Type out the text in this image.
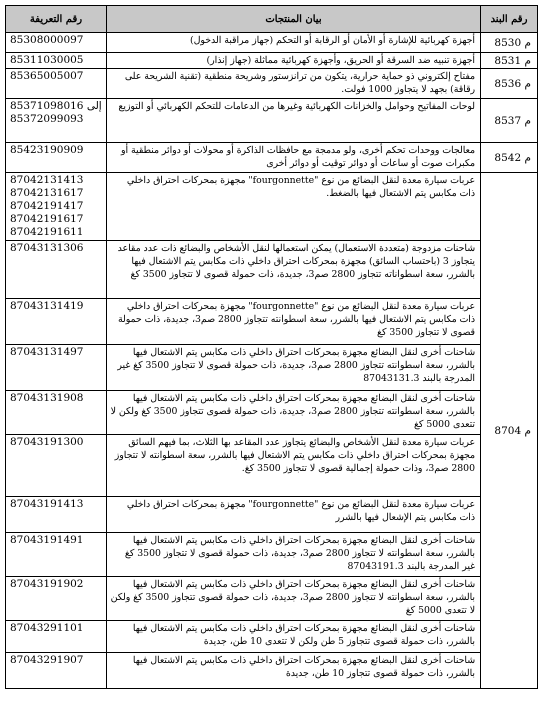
رقم التعريفة	بيان المنتجات	رقم البند

85308000097	أجهزة كهربائية للإشارة أو الأمان أو الرقابة أو التحكم (جهاز مراقبة الدخول)	م 8530

85311030005	أجهزة تنبيه ضد السرقة أو الحريق، وأجهزة كهربائية مماثلة (جهاز إنذار)	م 8531

85365005007	مفتاح إلكتروني ذو حماية حرارية، يتكون من ترانزستور وشريحة منطقية (تقنية الشريحة على رقاقة) بجهد لا يتجاوز 1000 فولت.	م 8536

85371098016 إلى
85372099093	لوحات المفاتيح وحوامل والخزانات الكهربائية وغيرها من الدعامات للتحكم الكهربائي أو التوزيع	م 8537

85423190909	معالجات ووحدات تحكم أخرى، ولو مدمجة مع حافظات الذاكرة أو محولات أو دوائر منطقية أو مكبرات صوت أو ساعات أو دوائر توقيت أو دوائر أخرى	م 8542

87042131413
87042131617
87042191417
87042191617
87042191611	عربات سيارة معدة لنقل البضائع من نوع "fourgonnette" مجهزة بمحركات احتراق داخلي ذات مكابس يتم الاشتعال فيها بالضغط.	م 8704

87043131306	شاحنات مزدوجة (متعددة الاستعمال) يمكن استعمالها لنقل الأشخاص والبضائع ذات عدد مقاعد يتجاوز 3 (باحتساب السائق) مجهزة بمحركات احتراق داخلي ذات مكابس يتم الاشتعال فيها بالشرر، سعة اسطواناته تتجاوز 2800 صم3، جديدة، ذات حمولة قصوى لا تتجاوز 3500 كغ	

87043131419	عربات سيارة معدة لنقل البضائع من نوع "fourgonnette" مجهزة بمحركات احتراق داخلي ذات مكابس يتم الاشتعال فيها بالشرر، سعة اسطوانته تتجاوز 2800 صم3، جديدة، ذات حمولة قصوى لا تتجاوز 3500 كغ	

87043131497	شاحنات أخرى لنقل البضائع مجهزة بمحركات احتراق داخلي ذات مكابس يتم الاشتعال فيها بالشرر، سعة اسطوانته تتجاوز 2800 صم3، جديدة، ذات حمولة قصوى لا تتجاوز 3500 كغ غير المدرجة بالبند 87043131.3	

87043131908	شاحنات أخرى لنقل البضائع مجهزة بمحركات احتراق داخلي ذات مكابس يتم الاشتعال فيها بالشرر، سعة اسطوانته تتجاوز 2800 صم3، جديدة، ذات حمولة قصوى تتجاوز 3500 كغ ولكن لا تتعدى 5000 كغ	

87043191300	عربات سيارة معدة لنقل الأشخاص والبضائع يتجاوز عدد المقاعد بها الثلاث، بما فيهم السائق مجهزة بمحركات احتراق داخلي ذات مكابس يتم الاشتعال فيها بالشرر، سعة اسطوانته لا تتجاوز 2800 صم3، وذات حمولة إجمالية قصوى لا تتجاوز 3500 كغ.	

87043191413	عربات سيارة معدة لنقل البضائع من نوع "fourgonnette" مجهزة بمحركات احتراق داخلي ذات مكابس يتم الإشعال فيها بالشرر	

87043191491	شاحنات أخرى لنقل البضائع مجهزة بمحركات احتراق داخلي ذات مكابس يتم الاشتعال فيها بالشرر، سعة اسطوانته لا تتجاوز 2800 صم3، جديدة، ذات حمولة قصوى لا تتجاوز 3500 كغ غير المدرجة بالبند 87043191.3	

87043191902	شاحنات أخرى لنقل البضائع مجهزة بمحركات احتراق داخلي ذات مكابس يتم الاشتعال فيها بالشرر، سعة اسطوانته لا تتجاوز 2800 صم3، جديدة، ذات حمولة قصوى تتجاوز 3500 كغ ولكن لا تتعدى 5000 كغ	

87043291101	شاحنات أخرى لنقل البضائع مجهزة بمحركات احتراق داخلي ذات مكابس يتم الاشتعال فيها بالشرر، ذات حمولة قصوى تتجاوز 5 طن ولكن لا تتعدى 10 طن، جديدة	

87043291907	شاحنات أخرى لنقل البضائع مجهزة بمحركات احتراق داخلي ذات مكابس يتم الاشتعال فيها بالشرر، ذات حمولة قصوى تتجاوز 10 طن، جديدة	
